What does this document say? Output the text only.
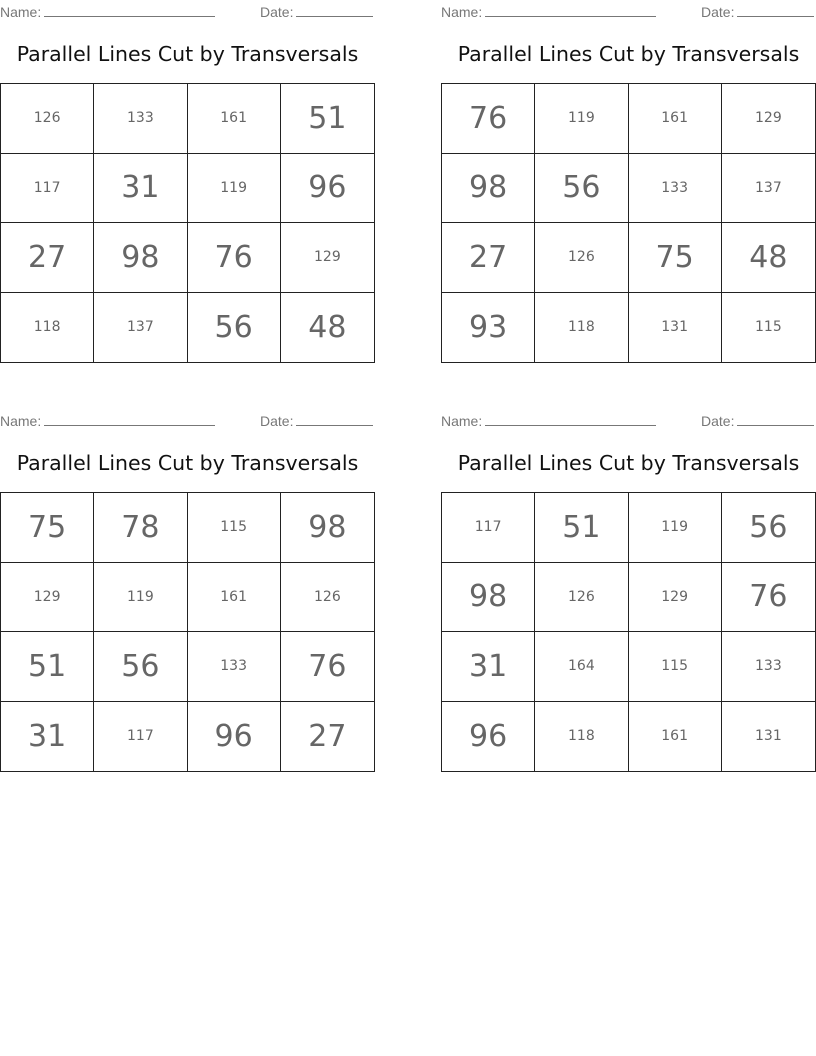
Name:	Date:
Parallel Lines Cut by Transversals
126	133	161	51
117	31	119	96
27	98	76	129
118	137	56	48
Name:	Date:
Parallel Lines Cut by Transversals
76	119	161	129
98	56	133	137
27	126	75	48
93	118	131	115
Name:	Date:
Parallel Lines Cut by Transversals
75	78	115	98
129	119	161	126
51	56	133	76
31	117	96	27
Name:	Date:
Parallel Lines Cut by Transversals
117	51	119	56
98	126	129	76
31	164	115	133
96	118	161	131
